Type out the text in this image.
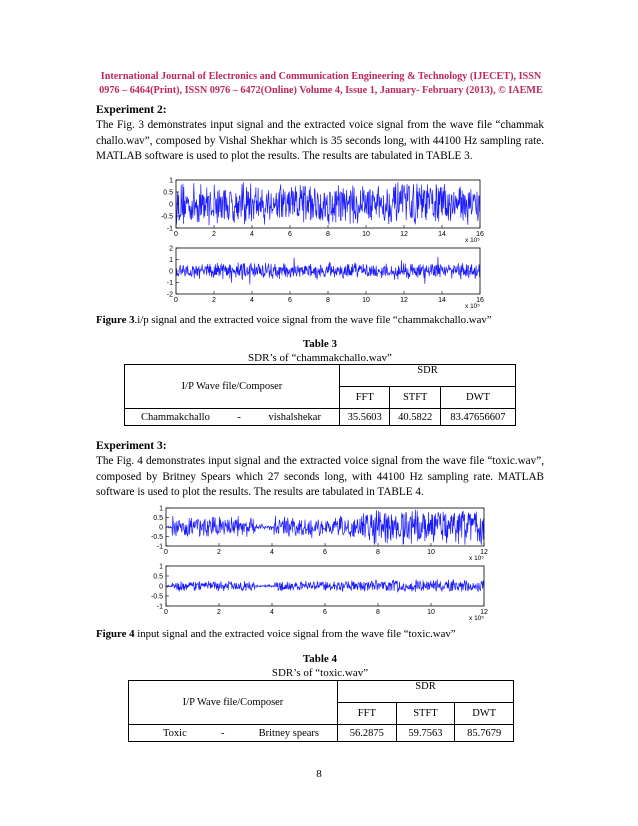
International Journal of Electronics and Communication Engineering & Technology (IJECET), ISSN
0976 – 6464(Print), ISSN 0976 – 6472(Online) Volume 4, Issue 1, January- February (2013), © IAEME
Experiment 2:
The Fig. 3 demonstrates input signal and the extracted voice signal from the wave file “chammak challo.wav”, composed by Vishal Shekhar which is 35 seconds long, with 44100 Hz sampling rate. MATLAB software is used to plot the results. The results are tabulated in TABLE 3.
1
0.5
0
-0.5
-1
0	2	4	6	8	10	12	14	16
x 10⁵
2
1
0
-1
-2
0	2	4	6	8	10	12	14	16
x 10⁵
Figure 3.i/p signal and the extracted voice signal from the wave file “chammakchallo.wav”
Table 3
SDR’s of “chammakchallo.wav”
I/P Wave file/Composer	SDR		
	FFT	STFT	DWT

Chammakchallo - vishalshekar	35.5603	40.5822	83.47656607
Experiment 3:
The Fig. 4 demonstrates input signal and the extracted voice signal from the wave file “toxic.wav”, composed by Britney Spears which 27 seconds long, with 44100 Hz sampling rate. MATLAB software is used to plot the results. The results are tabulated in TABLE 4.
1
0.5
0
-0.5
-1
0	2	4	6	8	10	12
x 10⁵
1
0.5
0
-0.5
-1
0	2	4	6	8	10	12
x 10⁵
Figure 4 input signal and the extracted voice signal from the wave file “toxic.wav”
Table 4
SDR’s of “toxic.wav”
I/P Wave file/Composer	SDR		
	FFT	STFT	DWT

Toxic - Britney spears	56.2875	59.7563	85.7679
8
